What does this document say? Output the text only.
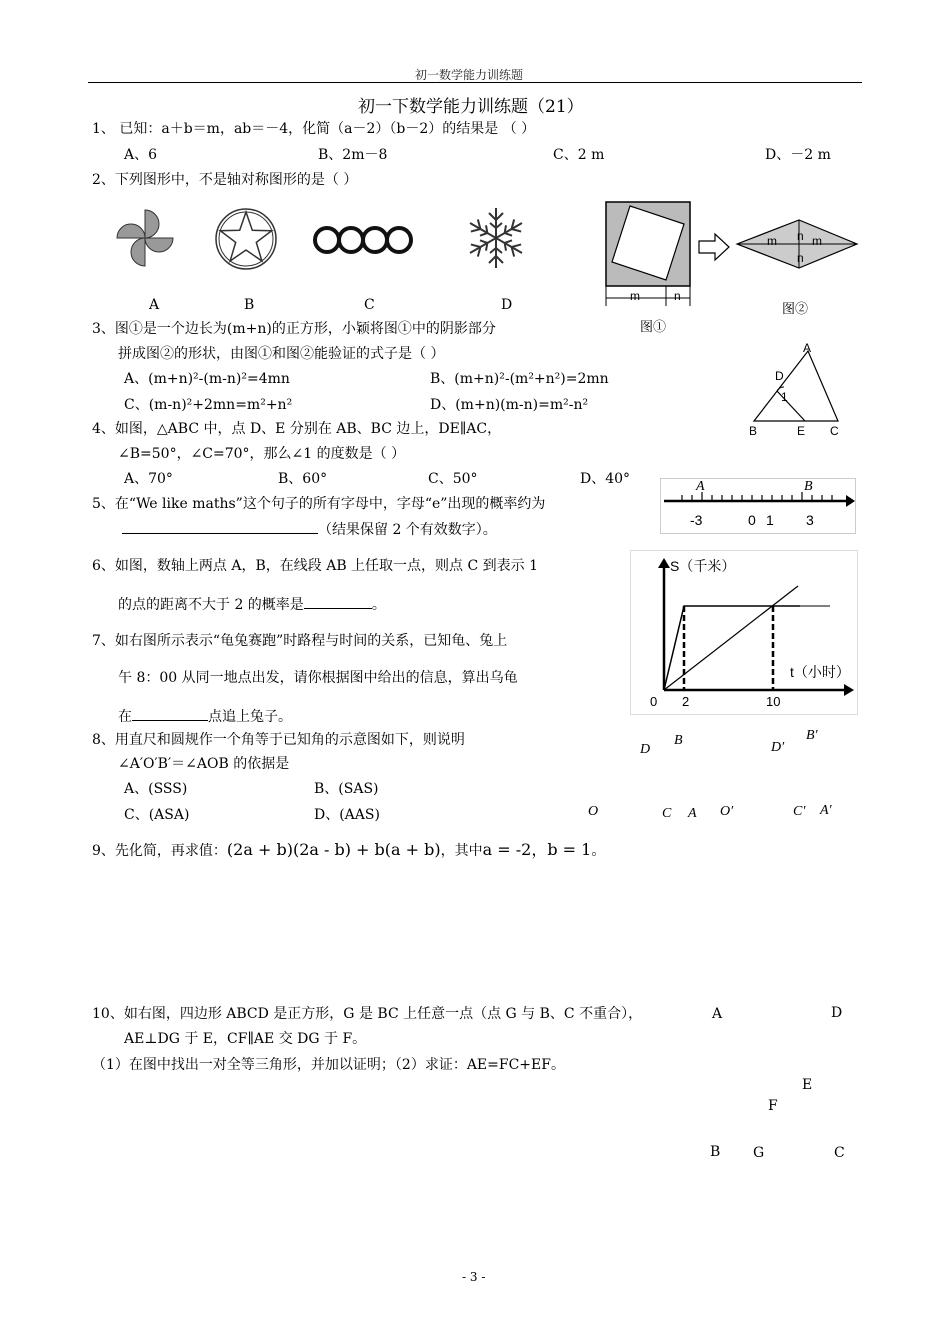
初一数学能力训练题
初一下数学能力训练题（21）
1、 已知：a＋b＝m，ab＝－4，化简（a－2）（b－2）的结果是 （ ）
A、6	B、2m－8	C、2 m	D、－2 m
2、下列图形中，不是轴对称图形的是（ ）
A	B	C	D
m	n
图①
m n m
n
图②
3、图①是一个边长为(m+n)的正方形，小颖将图①中的阴影部分
拼成图②的形状，由图①和图②能验证的式子是（ ）
A、(m+n)²-(m-n)²=4mn	B、(m+n)²-(m²+n²)=2mn
C、(m-n)²+2mn=m²+n²	D、(m+n)(m-n)=m²-n²
A
D
1
B	E C
4、如图，△ABC 中，点 D、E 分别在 AB、BC 边上，DE∥AC，
∠B=50°，∠C=70°，那么∠1 的度数是（ ）
A、70°	B、60°	C、50°	D、40°
5、在“We like maths”这个句子的所有字母中，字母“e”出现的概率约为
（结果保留 2 个有效数字）。
A	B
-3	0 1 3
6、如图，数轴上两点 A，B，在线段 AB 上任取一点，则点 C 到表示 1
的点的距离不大于 2 的概率是	。
S（千米）
t（小时）
0 2	10
7、如右图所示表示“龟兔赛跑”时路程与时间的关系，已知龟、兔上
午 8：00 从同一地点出发，请你根据图中给出的信息，算出乌龟
在	点追上兔子。
8、用直尺和圆规作一个角等于已知角的示意图如下，则说明
∠A′O′B′＝∠AOB 的依据是
A、(SSS)	B、(SAS)
C、(ASA)	D、(AAS)
D
B	D′
B′
O	C A O′	C′ A′
9、先化简，再求值：(2a + b)(2a - b) + b(a + b)，其中a = -2，b = 1。
10、如右图，四边形 ABCD 是正方形，G 是 BC 上任意一点（点 G 与 B、C 不重合），
AE⊥DG 于 E，CF∥AE 交 DG 于 F。
（1）在图中找出一对全等三角形，并加以证明；（2）求证：AE=FC+EF。
A	D
E
F
B G	C
- 3 -
